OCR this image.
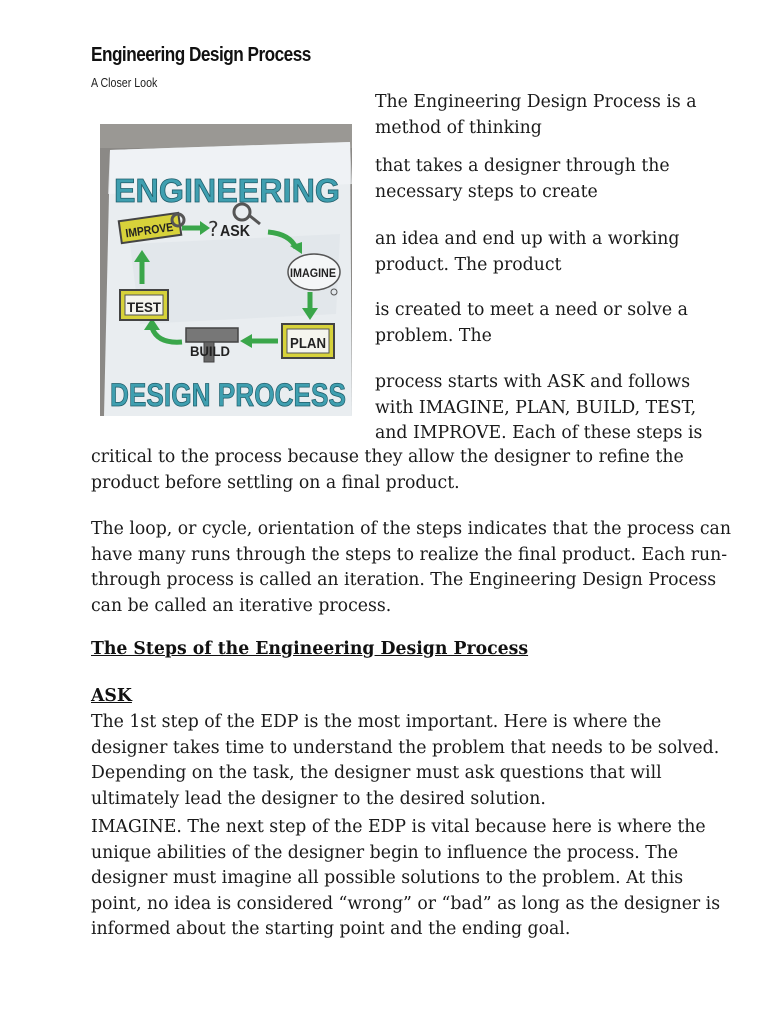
Engineering Design Process

A Closer Look

ENGINEERING
IMPROVE ? ASK
IMAGINE
PLAN
BUILD
TEST
DESIGN PROCESS

The Engineering Design Process is a method of thinking

that takes a designer through the necessary steps to create

an idea and end up with a working product. The product

is created to meet a need or solve a problem. The

process starts with ASK and follows with IMAGINE, PLAN, BUILD, TEST, and IMPROVE. Each of these steps is

critical to the process because they allow the designer to refine the product before settling on a final product.

The loop, or cycle, orientation of the steps indicates that the process can have many runs through the steps to realize the final product. Each run-through process is called an iteration. The Engineering Design Process can be called an iterative process.

The Steps of the Engineering Design Process
ASK

The 1st step of the EDP is the most important. Here is where the designer takes time to understand the problem that needs to be solved. Depending on the task, the designer must ask questions that will ultimately lead the designer to the desired solution.

IMAGINE. The next step of the EDP is vital because here is where the unique abilities of the designer begin to influence the process. The designer must imagine all possible solutions to the problem. At this point, no idea is considered “wrong” or “bad” as long as the designer is informed about the starting point and the ending goal.
